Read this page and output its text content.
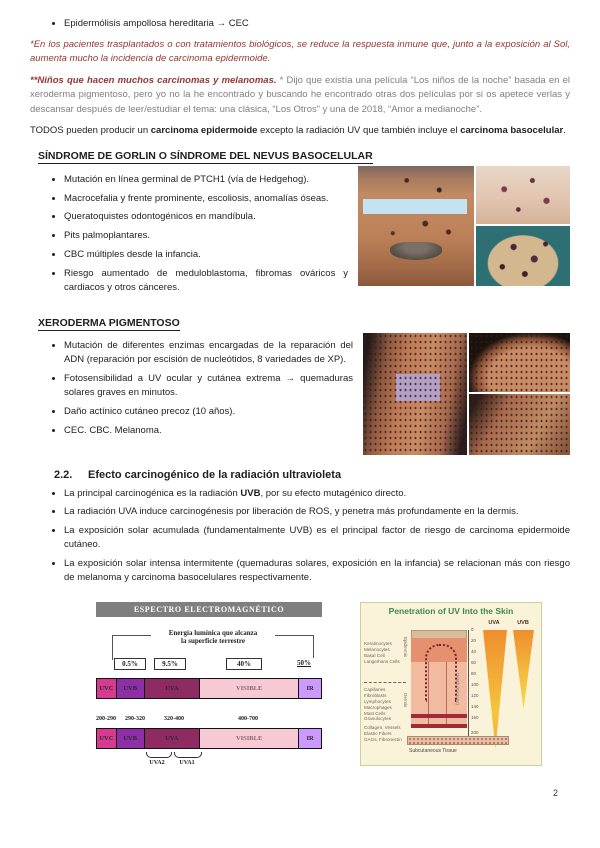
• Epidermólisis ampollosa hereditaria → CEC

*En los pacientes trasplantados o con tratamientos biológicos, se reduce la respuesta inmune que, junto a la exposición al Sol, aumenta mucho la incidencia de carcinoma epidermoide.

**Niños que hacen muchos carcinomas y melanomas. * Dijo que existía una película “Los niños de la noche” basada en el xeroderma pigmentoso, pero yo no la he encontrado y buscando he encontrado otras dos películas por si os apetece verlas y descansar después de leer/estudiar el tema: una clásica, “Los Otros” y una de 2018, “Amor a medianoche”.

TODOS pueden producir un carcinoma epidermoide excepto la radiación UV que también incluye el carcinoma basocelular.

SÍNDROME DE GORLIN O SÍNDROME DEL NEVUS BASOCELULAR
• Mutación en línea germinal de PTCH1 (vía de Hedgehog).
• Macrocefalia y frente prominente, escoliosis, anomalías óseas.
• Queratoquistes odontogénicos en mandíbula.
• Pits palmoplantares.
• CBC múltiples desde la infancia.
• Riesgo aumentado de meduloblastoma, fibromas ováricos y cardiacos y otros cánceres.
XERODERMA PIGMENTOSO
• Mutación de diferentes enzimas encargadas de la reparación del ADN (reparación por escisión de nucleótidos, 8 variedades de XP).
• Fotosensibilidad a UV ocular y cutánea extrema → quemaduras solares graves en minutos.
• Daño actínico cutáneo precoz (10 años).
• CEC. CBC. Melanoma.
2.2.	Efecto carcinogénico de la radiación ultravioleta
• La principal carcinogénica es la radiación UVB, por su efecto mutagénico directo.
• La radiación UVA induce carcinogénesis por liberación de ROS, y penetra más profundamente en la dermis.
• La exposición solar acumulada (fundamentalmente UVB) es el principal factor de riesgo de carcinoma epidermoide cutáneo.
• La exposición solar intensa intermitente (quemaduras solares, exposición en la infancia) se relacionan más con riesgo de melanoma y carcinoma basocelulares respectivamente.
ESPECTRO ELECTROMAGNÉTICO
Energía lumínica que alcanza
la superficie terrestre
0.5%	9.5%	40%	50%
UVC	UVB	UVA	VISIBLE	IR
200-290	290-320	320-400	400-700
UVC	UVB	UVA	VISIBLE	IR
UVA2	UVA1
Penetration of UV Into the Skin
UVA	UVB
Keratinocytes
Melanocytes
Basal Cell
Langerhans Cells
Capillaries
Fibroblasts
Lymphocytes
Macrophages
Mast Cells
Granulocytes
Collagen, Vessels
Elastic Fibers
GAGs, Fibronectin
Epidermis
Dermis
Subcutaneous Tissue
0
20
40
60
80
100
120
140
160
200
Depth (microns)
2
